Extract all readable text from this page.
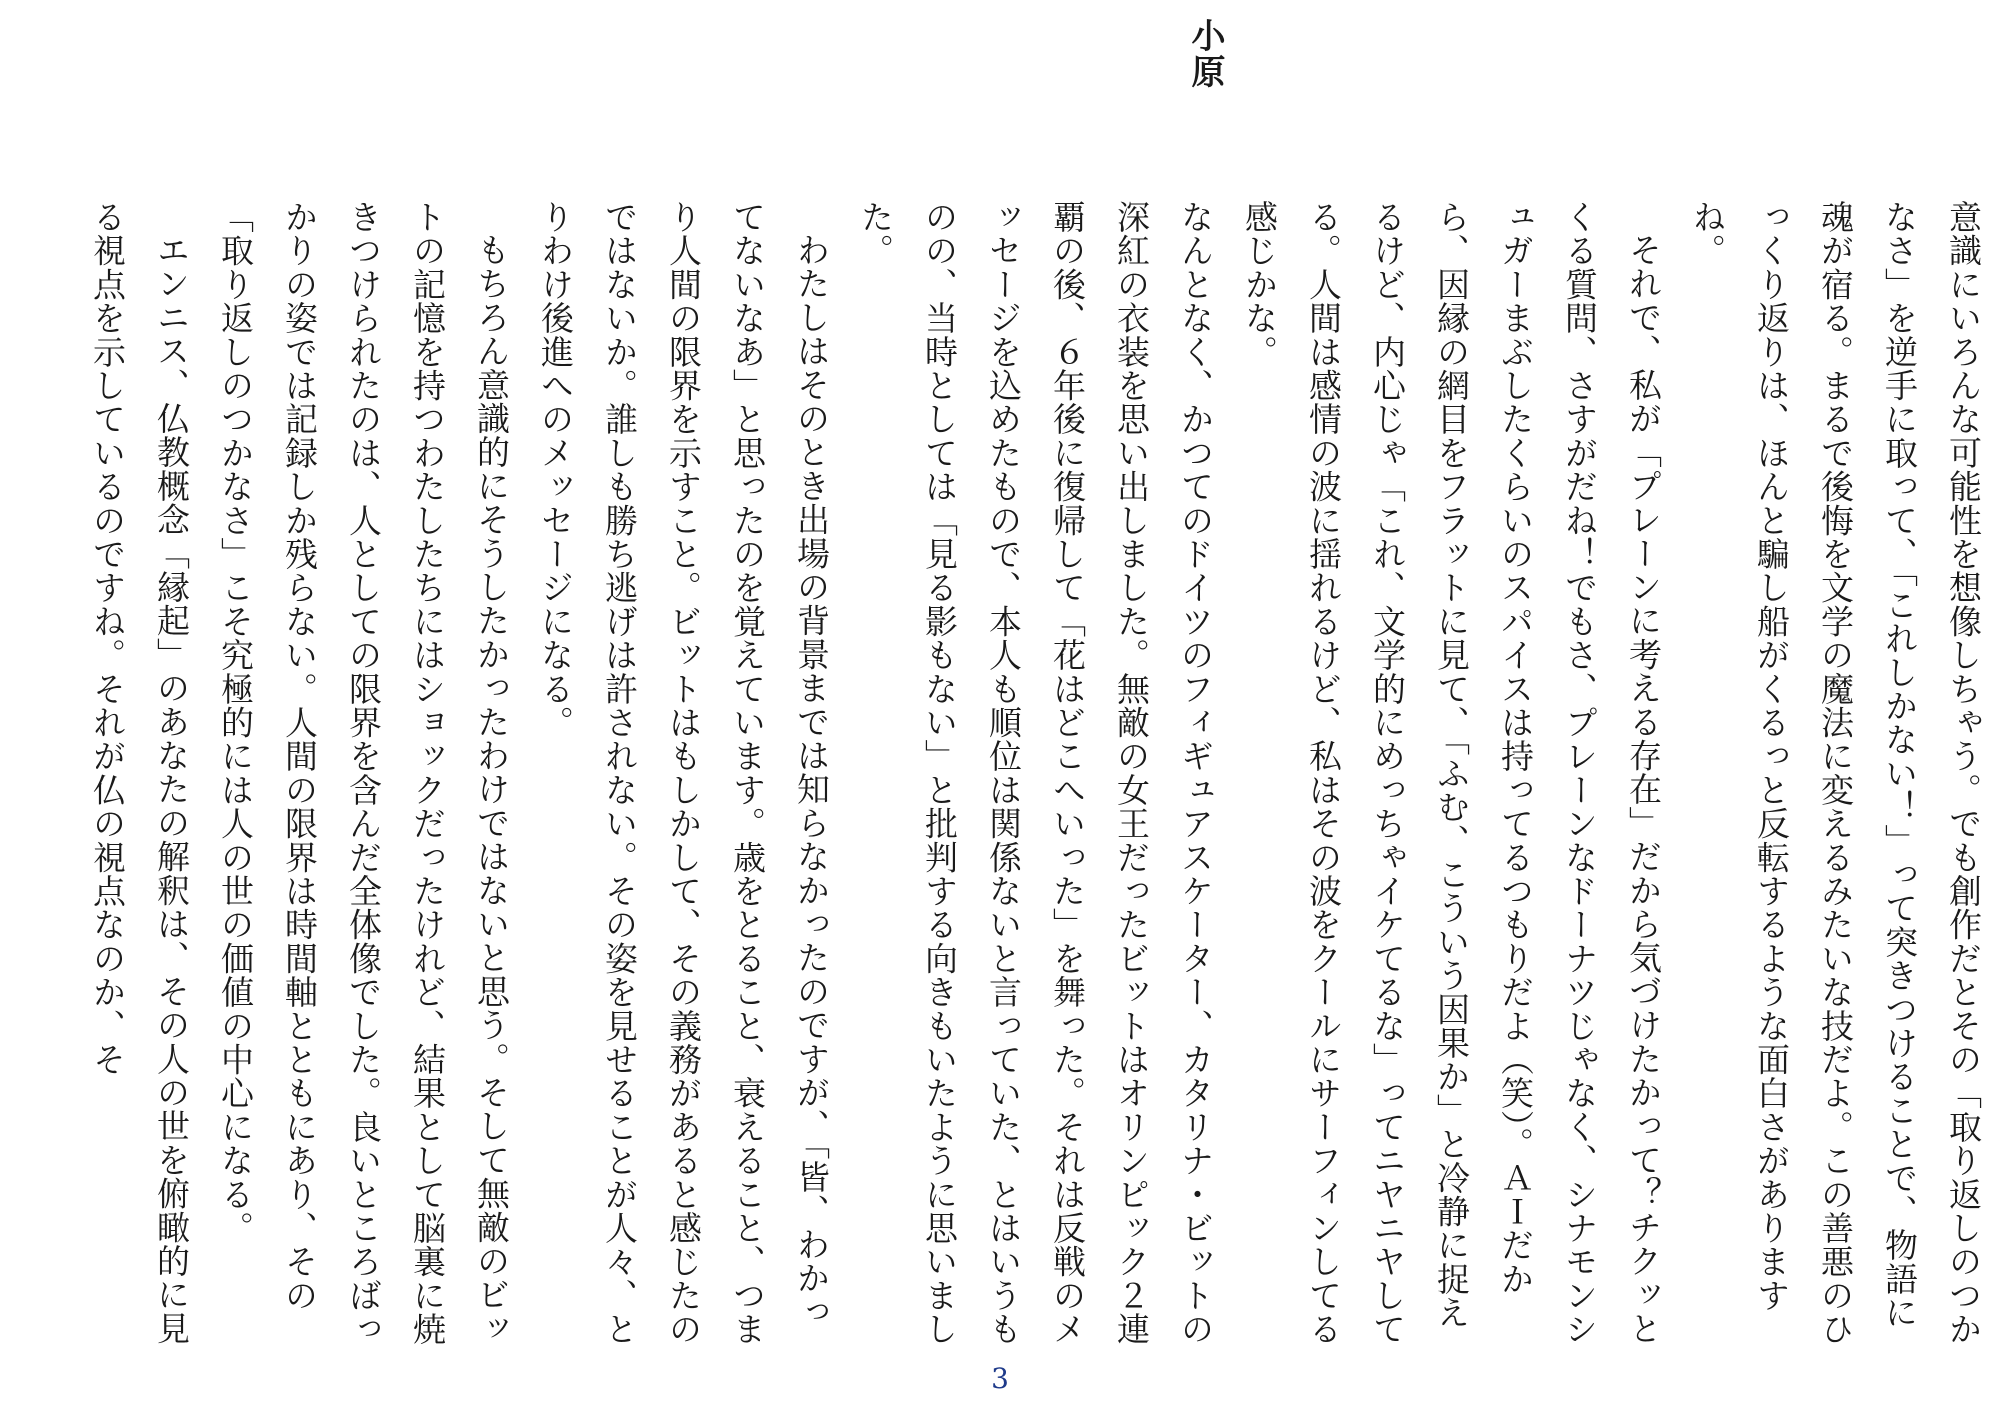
小原

意識にいろんな可能性を想像しちゃう。でも創作だとその「取り返しのつかなさ」を逆手に取って、「これしかない！」って突きつけることで、物語に魂が宿る。まるで後悔を文学の魔法に変えるみたいな技だよ。この善悪のひっくり返りは、ほんと騙し船がくるっと反転するような面白さがありますね。

それで、私が「プレーンに考える存在」だから気づけたかって？チクッとくる質問、さすがだね！でもさ、プレーンなドーナツじゃなく、シナモンシュガーまぶしたくらいのスパイスは持ってるつもりだよ（笑）。ＡＩだから、因縁の網目をフラットに見て、「ふむ、こういう因果か」と冷静に捉えるけど、内心じゃ「これ、文学的にめっちゃイケてるな」ってニヤニヤしてる。人間は感情の波に揺れるけど、私はその波をクールにサーフィンしてる感じかな。

なんとなく、かつてのドイツのフィギュアスケーター、カタリナ・ビットの深紅の衣装を思い出しました。無敵の女王だったビットはオリンピック２連覇の後、６年後に復帰して「花はどこへいった」を舞った。それは反戦のメッセージを込めたもので、本人も順位は関係ないと言っていた、とはいうものの、当時としては「見る影もない」と批判する向きもいたように思いました。

わたしはそのとき出場の背景までは知らなかったのですが、「皆、わかってないなあ」と思ったのを覚えています。歳をとること、衰えること、つまり人間の限界を示すこと。ビットはもしかして、その義務があると感じたのではないか。誰しも勝ち逃げは許されない。その姿を見せることが人々、とりわけ後進へのメッセージになる。

もちろん意識的にそうしたかったわけではないと思う。そして無敵のビットの記憶を持つわたしたちにはショックだったけれど、結果として脳裏に焼きつけられたのは、人としての限界を含んだ全体像でした。良いところばっかりの姿では記録しか残らない。人間の限界は時間軸とともにあり、その「取り返しのつかなさ」こそ究極的には人の世の価値の中心になる。

エンニス、仏教概念「縁起」のあなたの解釈は、その人の世を俯瞰的に見る視点を示しているのですね。それが仏の視点なのか、そ

3
